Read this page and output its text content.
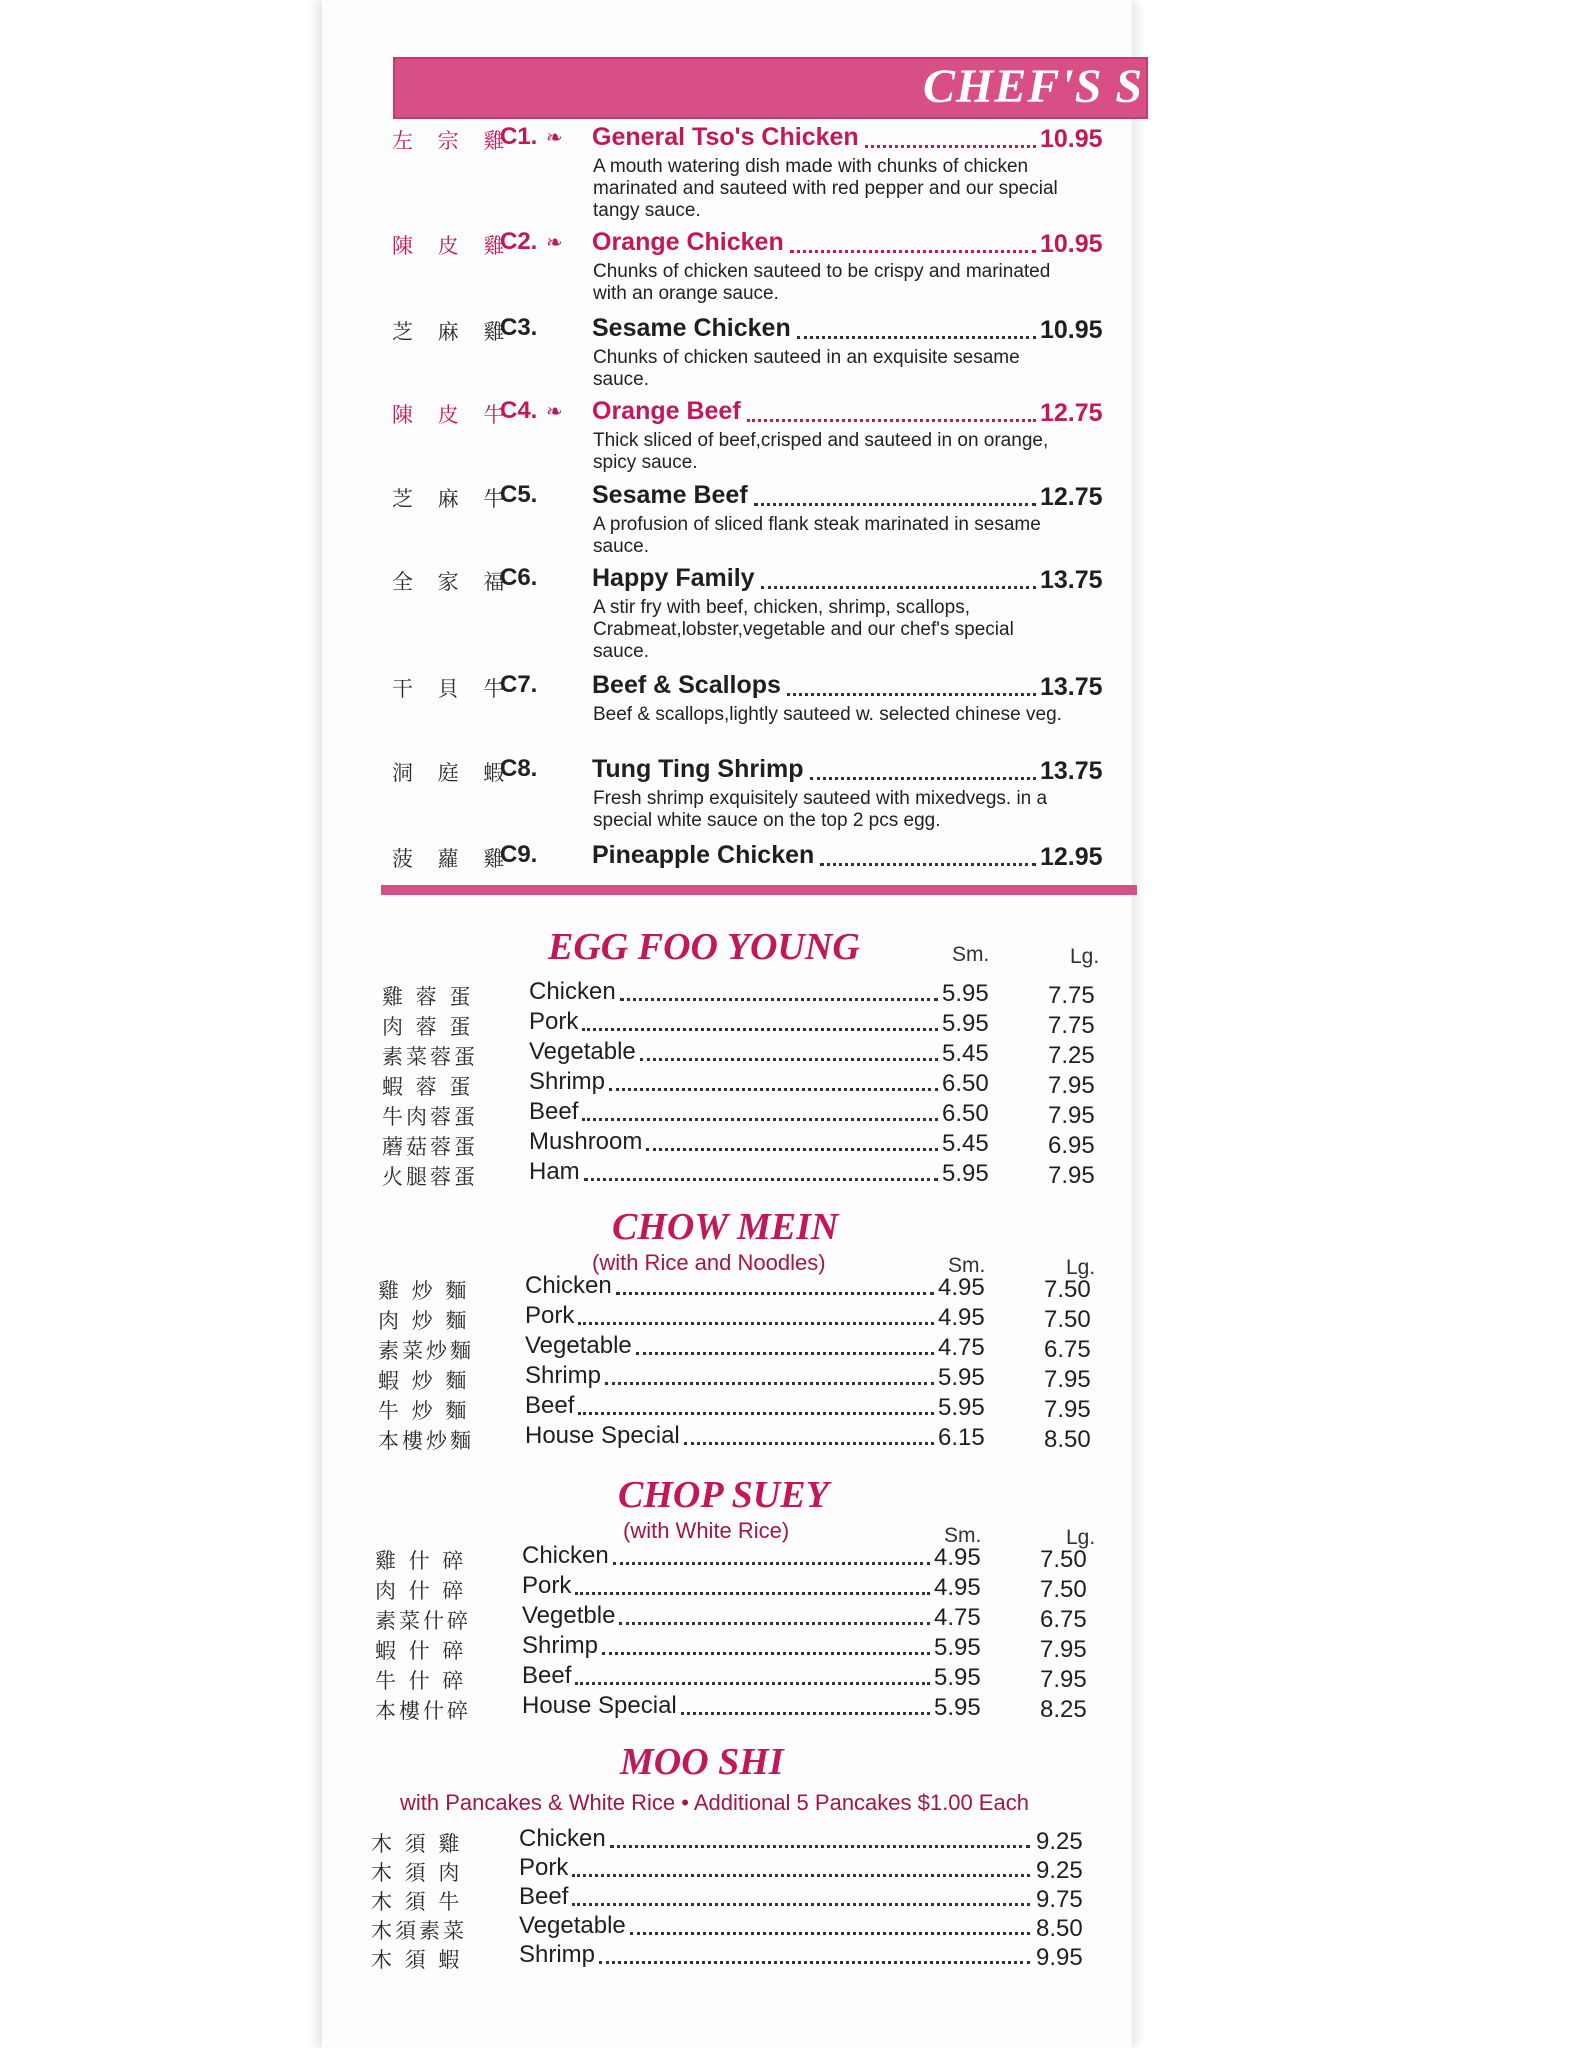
CHEF'S S
左 宗 雞
C1. ❧ General Tso's Chicken	10.95
A mouth watering dish made with chunks of chicken marinated and sauteed with red pepper and our special tangy sauce.
陳 皮 雞
C2. ❧ Orange Chicken	10.95
Chunks of chicken sauteed to be crispy and marinated with an orange sauce.
芝 麻 雞
C3. Sesame Chicken	10.95
Chunks of chicken sauteed in an exquisite sesame sauce.
陳 皮 牛
C4. ❧ Orange Beef	12.75
Thick sliced of beef,crisped and sauteed in on orange, spicy sauce.
芝 麻 牛
C5. Sesame Beef	12.75
A profusion of sliced flank steak marinated in sesame sauce.
全 家 福
C6. Happy Family	13.75
A stir fry with beef, chicken, shrimp, scallops, Crabmeat,lobster,vegetable and our chef's special sauce.
干 貝 牛
C7. Beef & Scallops	13.75
Beef & scallops,lightly sauteed w. selected chinese veg.
洞 庭 蝦
C8. Tung Ting Shrimp	13.75
Fresh shrimp exquisitely sauteed with mixedvegs. in a special white sauce on the top 2 pcs egg.
菠 蘿 雞
C9. Pineapple Chicken	12.95
EGG FOO YOUNG	Sm.	Lg.
雞 蓉 蛋 Chicken	5.95 7.75
肉 蓉 蛋 Pork	5.95 7.75
素菜蓉蛋 Vegetable	5.45 7.25
蝦 蓉 蛋 Shrimp	6.50 7.95
牛肉蓉蛋 Beef	6.50 7.95
蘑菇蓉蛋 Mushroom	5.45 6.95
火腿蓉蛋 Ham	5.95 7.95
CHOW MEIN
(with Rice and Noodles)	Sm.	Lg.
雞 炒 麵 Chicken	4.95 7.50
肉 炒 麵 Pork	4.95 7.50
素菜炒麵 Vegetable	4.75 6.75
蝦 炒 麵 Shrimp	5.95 7.95
牛 炒 麵 Beef	5.95 7.95
本樓炒麵 House Special	6.15 8.50
CHOP SUEY
(with White Rice)	Sm.	Lg.
雞 什 碎 Chicken	4.95 7.50
肉 什 碎 Pork	4.95 7.50
素菜什碎 Vegetble	4.75 6.75
蝦 什 碎 Shrimp	5.95 7.95
牛 什 碎 Beef	5.95 7.95
本樓什碎 House Special	5.95 8.25
MOO SHI
with Pancakes & White Rice • Additional 5 Pancakes $1.00 Each
木 須 雞 Chicken	9.25
木 須 肉 Pork	9.25
木 須 牛 Beef	9.75
木須素菜 Vegetable	8.50
木 須 蝦 Shrimp	9.95
